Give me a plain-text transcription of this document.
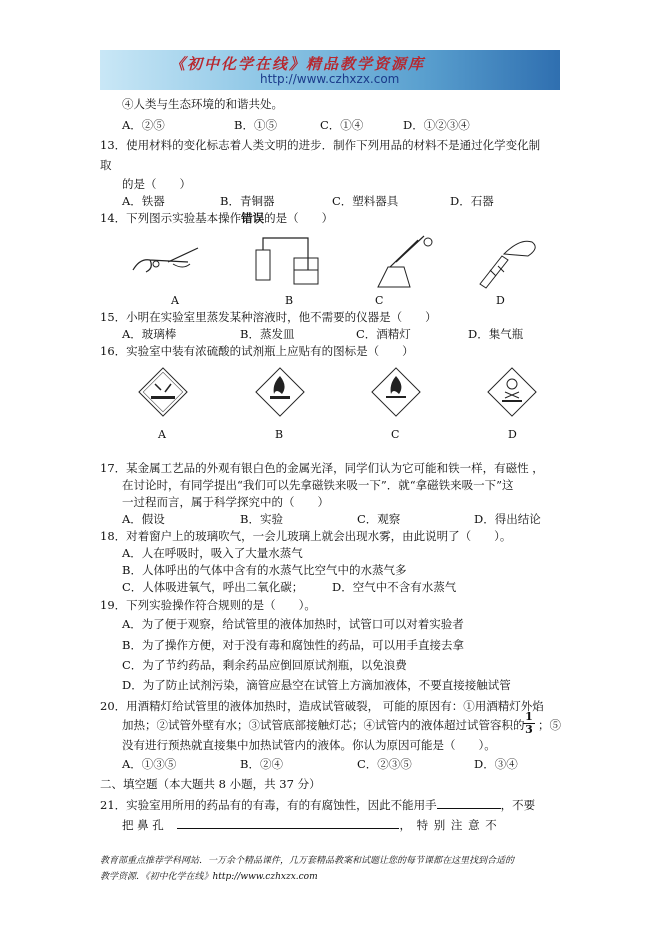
《初中化学在线》精品教学资源库
http://www.czhxzx.com
④人类与生态环境的和谐共处。
A．②⑤	B．①⑤	C．①④	D．①②③④
13．使用材料的变化标志着人类文明的进步．制作下列用品的材料不是通过化学变化制
取
的是（　　）
A．铁器	B．青铜器	C．塑料器具	D．石器
14．下列图示实验基本操作错误的是（　　）
A	B	C	D
15．小明在实验室里蒸发某种溶液时，他不需要的仪器是（　　）
A．玻璃棒	B．蒸发皿	C．酒精灯	D．集气瓶
16．实验室中装有浓硫酸的试剂瓶上应贴有的图标是（　　）
A	B	C	D
17．某金属工艺品的外观有银白色的金属光泽，同学们认为它可能和铁一样，有磁性 ，
在讨论时，有同学提出“我们可以先拿磁铁来吸一下”．就“拿磁铁来吸一下”这
一过程而言，属于科学探究中的（　　）
A．假设	B．实验	C．观察	D．得出结论
18．对着窗户上的玻璃吹气，一会儿玻璃上就会出现水雾，由此说明了（　　）。
A．人在呼吸时，吸入了大量水蒸气
B．人体呼出的气体中含有的水蒸气比空气中的水蒸气多
C．人体吸进氧气，呼出二氧化碳； D．空气中不含有水蒸气
19．下列实验操作符合规则的是（　　）。
A．为了便于观察，给试管里的液体加热时，试管口可以对着实验者
B．为了操作方便，对于没有毒和腐蚀性的药品，可以用手直接去拿
C．为了节约药品，剩余药品应倒回原试剂瓶，以免浪费
D．为了防止试剂污染，滴管应悬空在试管上方滴加液体，不要直接接触试管
20．用酒精灯给试管里的液体加热时，造成试管破裂， 可能的原因有：①用酒精灯外焰
加热；②试管外壁有水；③试管底部接触灯芯；④试管内的液体超过试管容积的
1
3 ；⑤
没有进行预热就直接集中加热试管内的液体。你认为原因可能是（　　）。
A．①③⑤	B．②④	C．②③⑤	D．③④
二、填空题（本大题共 8 小题，共 37 分）
21．实验室用所用的药品有的有毒，有的有腐蚀性，因此不能用手	，不要
把 鼻 孔	， 特 别 注 意 不
教育部重点推荐学科网站．一万余个精品课件，几万套精品教案和试题让您的每节课都在这里找到合适的
教学资源．《初中化学在线》http://www.czhxzx.com
